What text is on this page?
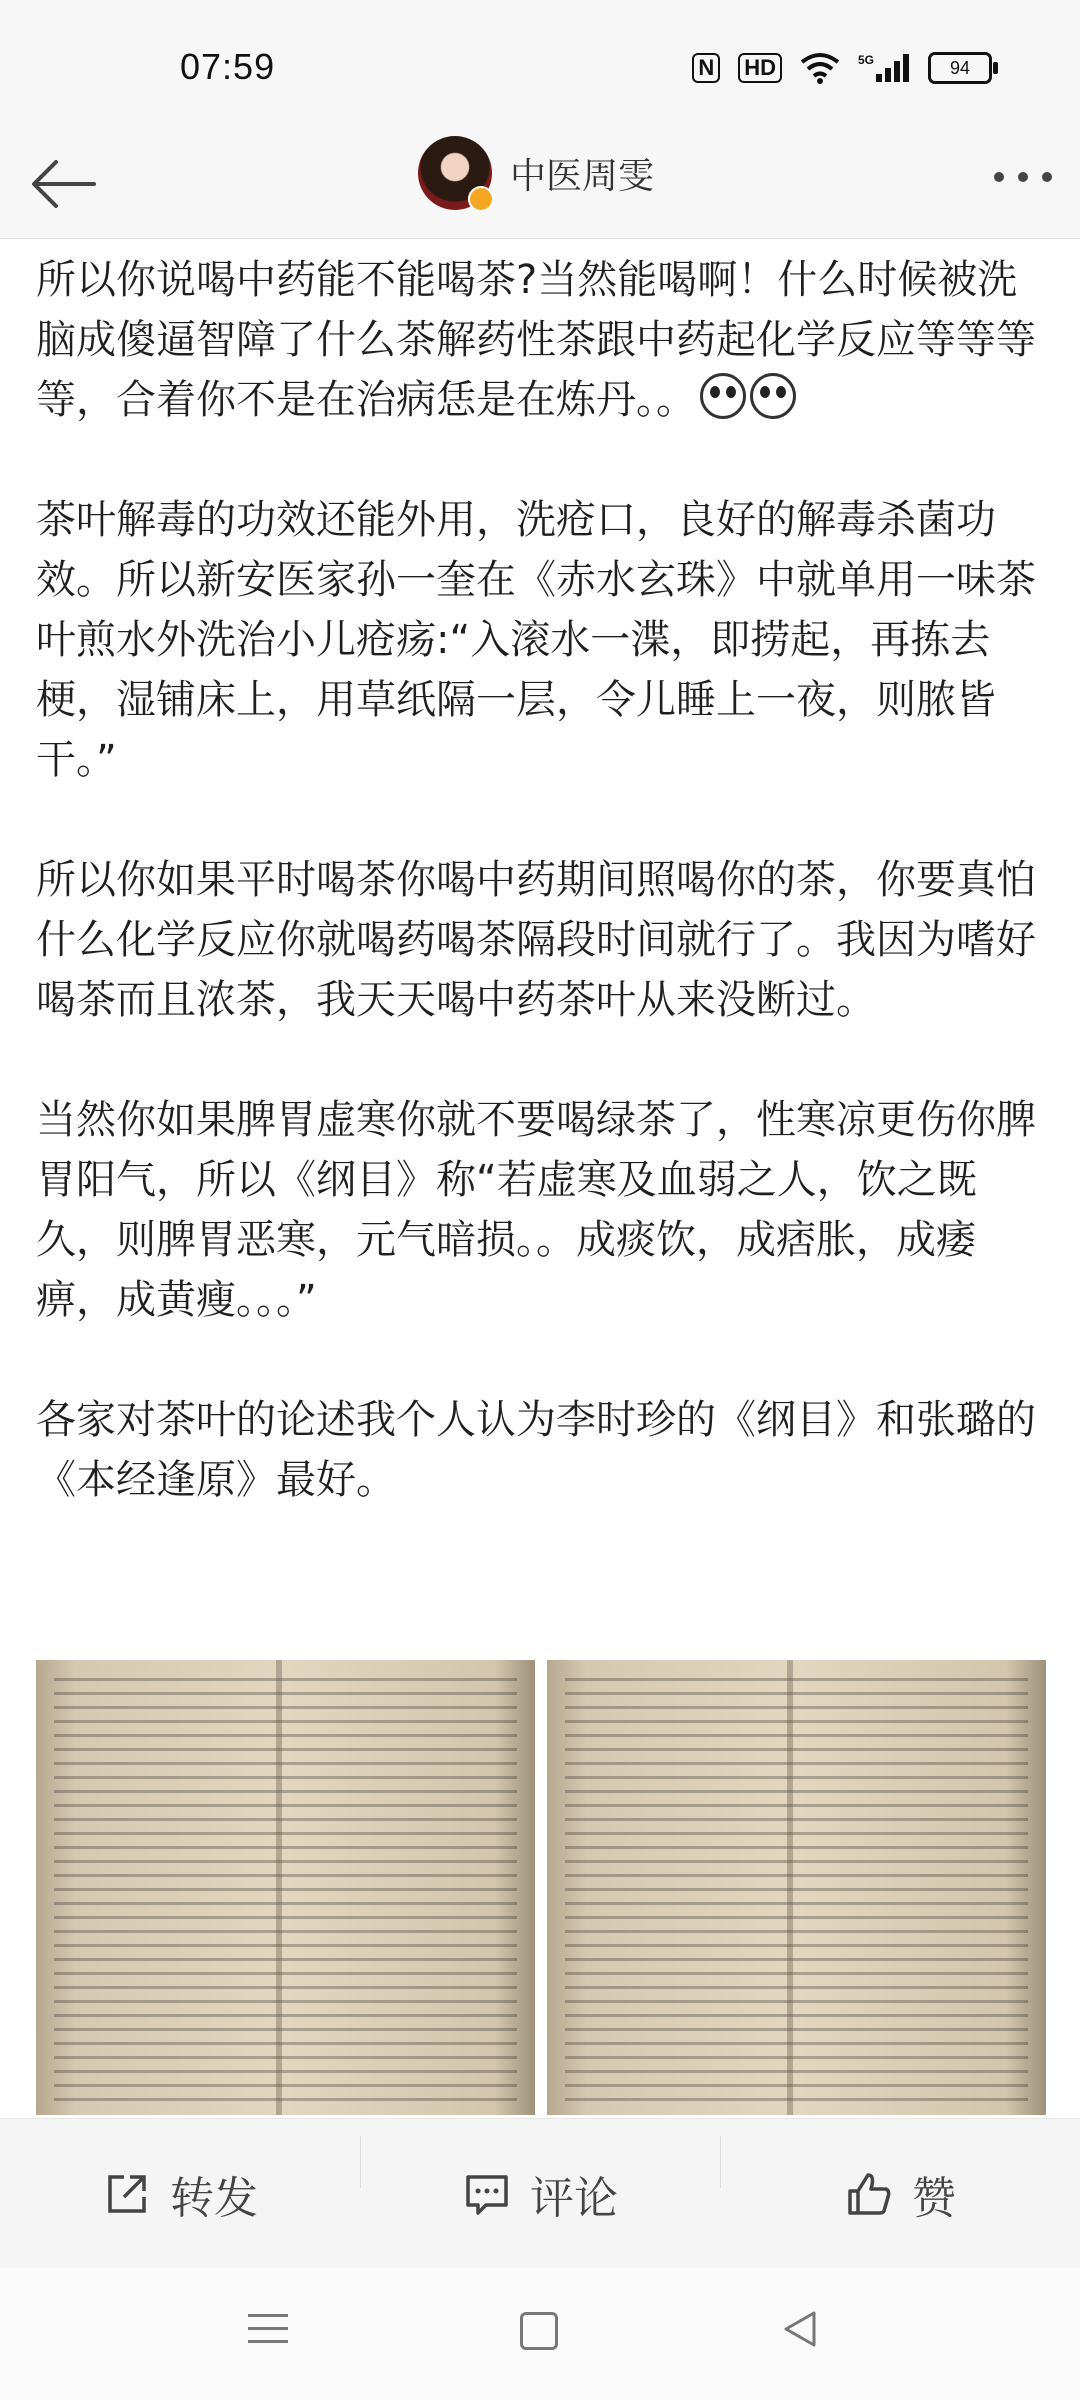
07:59	N HD	5G	94
中医周雯

所以你说喝中药能不能喝茶?当然能喝啊！什么时候被洗脑成傻逼智障了什么茶解药性茶跟中药起化学反应等等等等，合着你不是在治病恁是在炼丹。。

茶叶解毒的功效还能外用，洗疮口，良好的解毒杀菌功效。所以新安医家孙一奎在《赤水玄珠》中就单用一味茶叶煎水外洗治小儿疮疡:“入滚水一渫，即捞起，再拣去梗，湿铺床上，用草纸隔一层，令儿睡上一夜，则脓皆干。”

所以你如果平时喝茶你喝中药期间照喝你的茶，你要真怕什么化学反应你就喝药喝茶隔段时间就行了。我因为嗜好喝茶而且浓茶，我天天喝中药茶叶从来没断过。

当然你如果脾胃虚寒你就不要喝绿茶了，性寒凉更伤你脾胃阳气，所以《纲目》称“若虚寒及血弱之人，饮之既久，则脾胃恶寒，元气暗损。。成痰饮，成痞胀，成痿痹，成黄瘦。。。”

各家对茶叶的论述我个人认为李时珍的《纲目》和张璐的《本经逢原》最好。

转发	评论	赞
